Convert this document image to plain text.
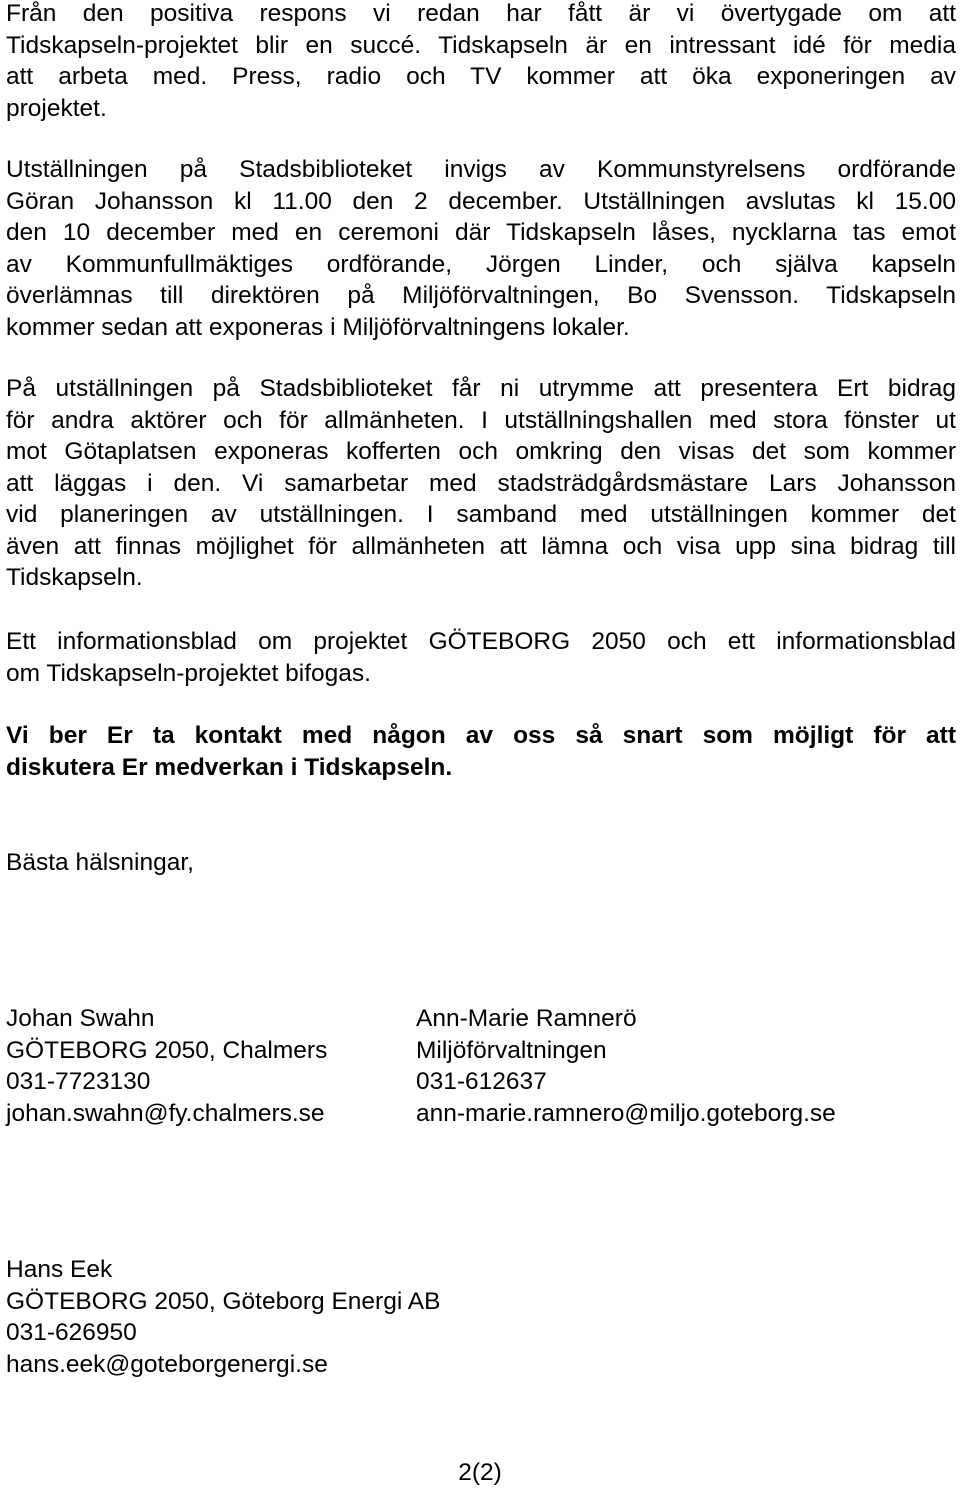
Från den positiva respons vi redan har fått är vi övertygade om att
Tidskapseln-projektet blir en succé. Tidskapseln är en intressant idé för media
att arbeta med. Press, radio och TV kommer att öka exponeringen av
projektet.
Utställningen på Stadsbiblioteket invigs av Kommunstyrelsens ordförande
Göran Johansson kl 11.00 den 2 december. Utställningen avslutas kl 15.00
den 10 december med en ceremoni där Tidskapseln låses, nycklarna tas emot
av Kommunfullmäktiges ordförande, Jörgen Linder, och själva kapseln
överlämnas till direktören på Miljöförvaltningen, Bo Svensson. Tidskapseln
kommer sedan att exponeras i Miljöförvaltningens lokaler.
På utställningen på Stadsbiblioteket får ni utrymme att presentera Ert bidrag
för andra aktörer och för allmänheten. I utställningshallen med stora fönster ut
mot Götaplatsen exponeras kofferten och omkring den visas det som kommer
att läggas i den. Vi samarbetar med stadsträdgårdsmästare Lars Johansson
vid planeringen av utställningen. I samband med utställningen kommer det
även att finnas möjlighet för allmänheten att lämna och visa upp sina bidrag till
Tidskapseln.
Ett informationsblad om projektet GÖTEBORG 2050 och ett informationsblad
om Tidskapseln-projektet bifogas.
Vi ber Er ta kontakt med någon av oss så snart som möjligt för att
diskutera Er medverkan i Tidskapseln.
Bästa hälsningar,
Johan Swahn
GÖTEBORG 2050, Chalmers
031-7723130
johan.swahn@fy.chalmers.se
Ann-Marie Ramnerö
Miljöförvaltningen
031-612637
ann-marie.ramnero@miljo.goteborg.se
Hans Eek
GÖTEBORG 2050, Göteborg Energi AB
031-626950
hans.eek@goteborgenergi.se
2(2)
